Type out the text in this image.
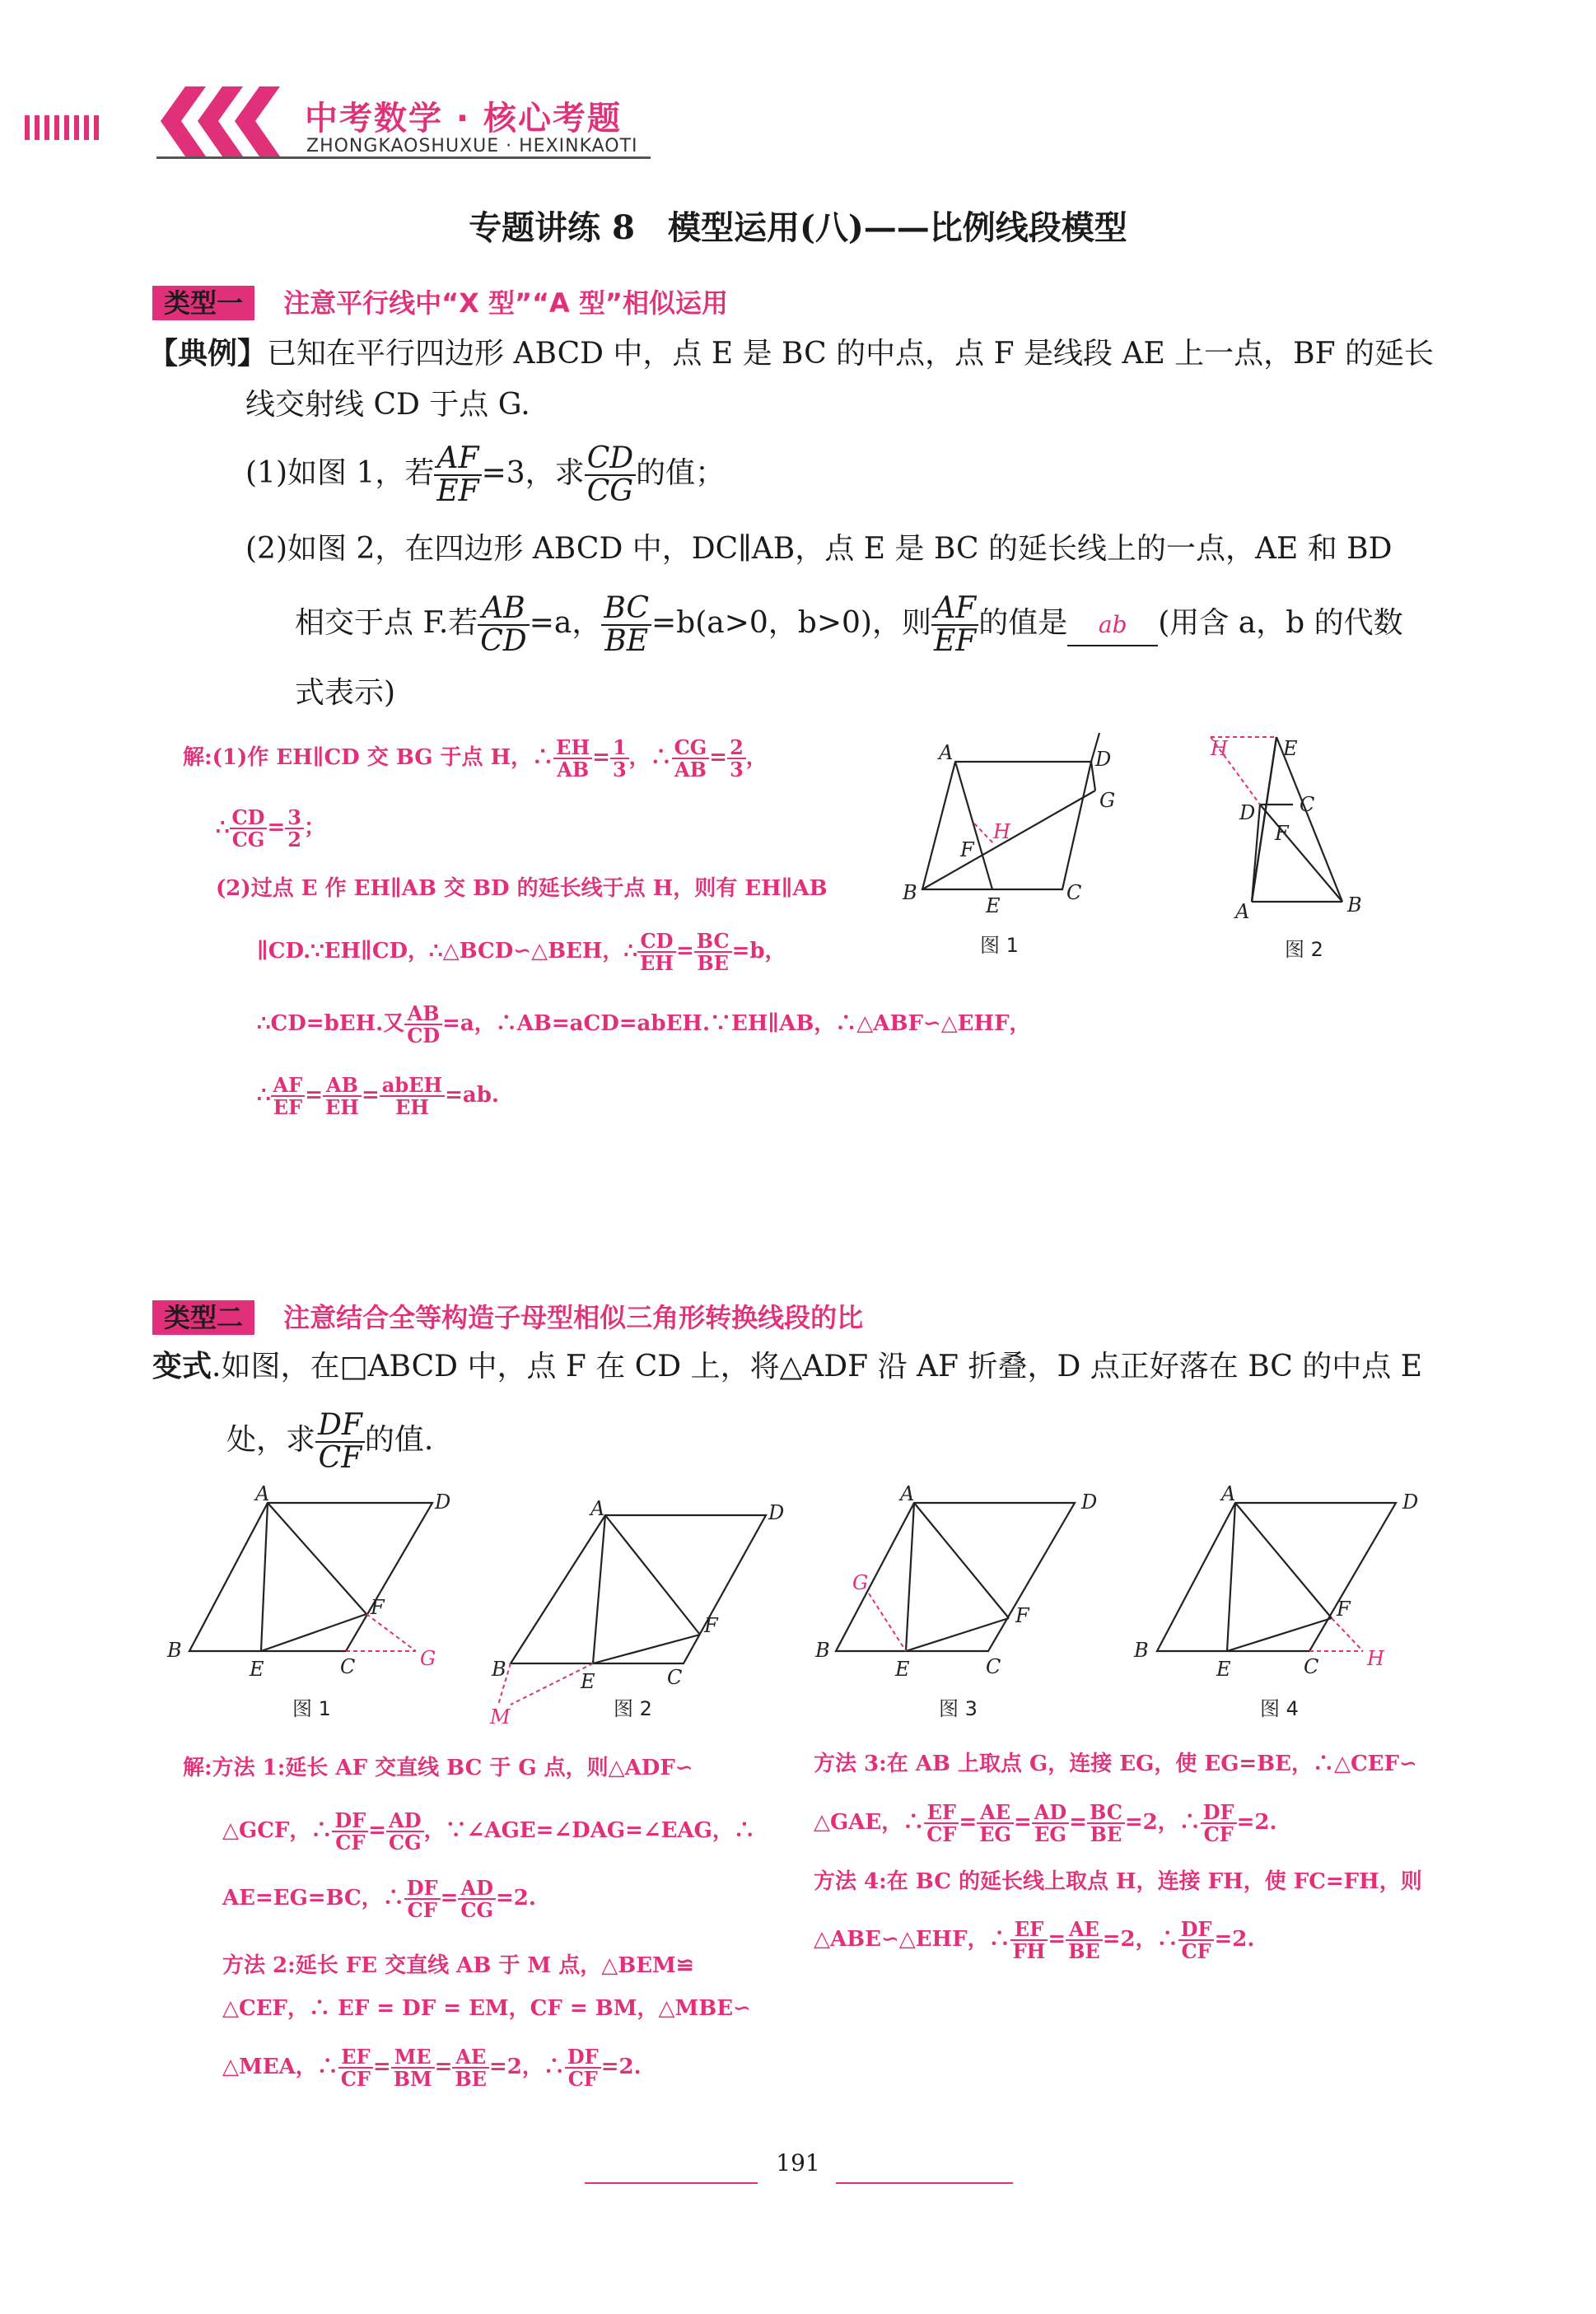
中考数学 · 核心考题
ZHONGKAOSHUXUE · HEXINKAOTI
专题讲练 8　模型运用(八)——比例线段模型
类型一 注意平行线中“X 型”“A 型”相似运用
【典例】已知在平行四边形 ABCD 中，点 E 是 BC 的中点，点 F 是线段 AE 上一点，BF 的延长
线交射线 CD 于点 G.
(1)如图 1，若 $\frac{AF}{EF} =3$，求 $\frac{CD}{CG}$ 的值；
(2)如图 2，在四边形 ABCD 中，DC∥AB，点 E 是 BC 的延长线上的一点，AE 和 BD
相交于点 F.若 $\frac{AB}{CD} =a$， $\frac{BC}{BE} =b(a>0$，b>0)，则 $\frac{AF}{EF}$ 的值是 ab (用含 a，b 的代数
式表示)
解:(1)作 EH∥CD 交 BG 于点 H，∴ $\frac{EH}{AB} = \frac{1}{3}$ ，∴ $\frac{CG}{AB} = \frac{2}{3}$ ，
∴ $\frac{CD}{CG} = \frac{3}{2}$ ；
(2)过点 E 作 EH∥AB 交 BD 的延长线于点 H，则有 EH∥AB
∥CD.∵EH∥CD，∴△BCD∽△BEH，∴ $\frac{CD}{EH} = \frac{BC}{BE} =b$，
∴CD=bEH.又 $\frac{AB}{CD} =a$，∴AB=aCD=abEH.∵EH∥AB，∴△ABF∽△EHF，
∴ $\frac{AF}{EF} = \frac{AB}{EH} = \frac{\text{abEH}}{EH} =ab$.
A	D
G
H
F
B
E
C
图 1
H	E
D C
F
A	B
图 2
类型二 注意结合全等构造子母型相似三角形转换线段的比
变式.如图，在□ABCD 中，点 F 在 CD 上，将△ADF 沿 AF 折叠，D 点正好落在 BC 的中点 E
处，求 $\frac{DF}{CF}$ 的值.
A	D
F
B
E	C	G
图 1
A	D
F
B
E	C
M	图 2
A	D
F
G
B
E	C
图 3
A	D
F
B
E	C H
图 4
解:方法 1:延长 AF 交直线 BC 于 G 点，则△ADF∽
△GCF，∴ $\frac{DF}{CF} = \frac{AD}{CG}$ ，∵∠AGE=∠DAG=∠EAG，∴
AE=EG=BC，∴ $\frac{DF}{CF} = \frac{AD}{CG} =2$.
方法 2:延长 FE 交直线 AB 于 M 点，△BEM≌
△CEF，∴ EF = DF = EM，CF = BM，△MBE∽
△MEA，∴ $\frac{EF}{CF} = \frac{ME}{BM} = \frac{AE}{BE} =2$，∴ $\frac{DF}{CF} =2$.
方法 3:在 AB 上取点 G，连接 EG，使 EG=BE，∴△CEF∽
△GAE，∴ $\frac{EF}{CF} = \frac{AE}{EG} = \frac{AD}{EG} = \frac{BC}{BE} =2$，∴ $\frac{DF}{CF} =2$.
方法 4:在 BC 的延长线上取点 H，连接 FH，使 FC=FH，则
△ABE∽△EHF，∴ $\frac{EF}{FH} = \frac{AE}{BE} =2$，∴ $\frac{DF}{CF} =2$.
191
